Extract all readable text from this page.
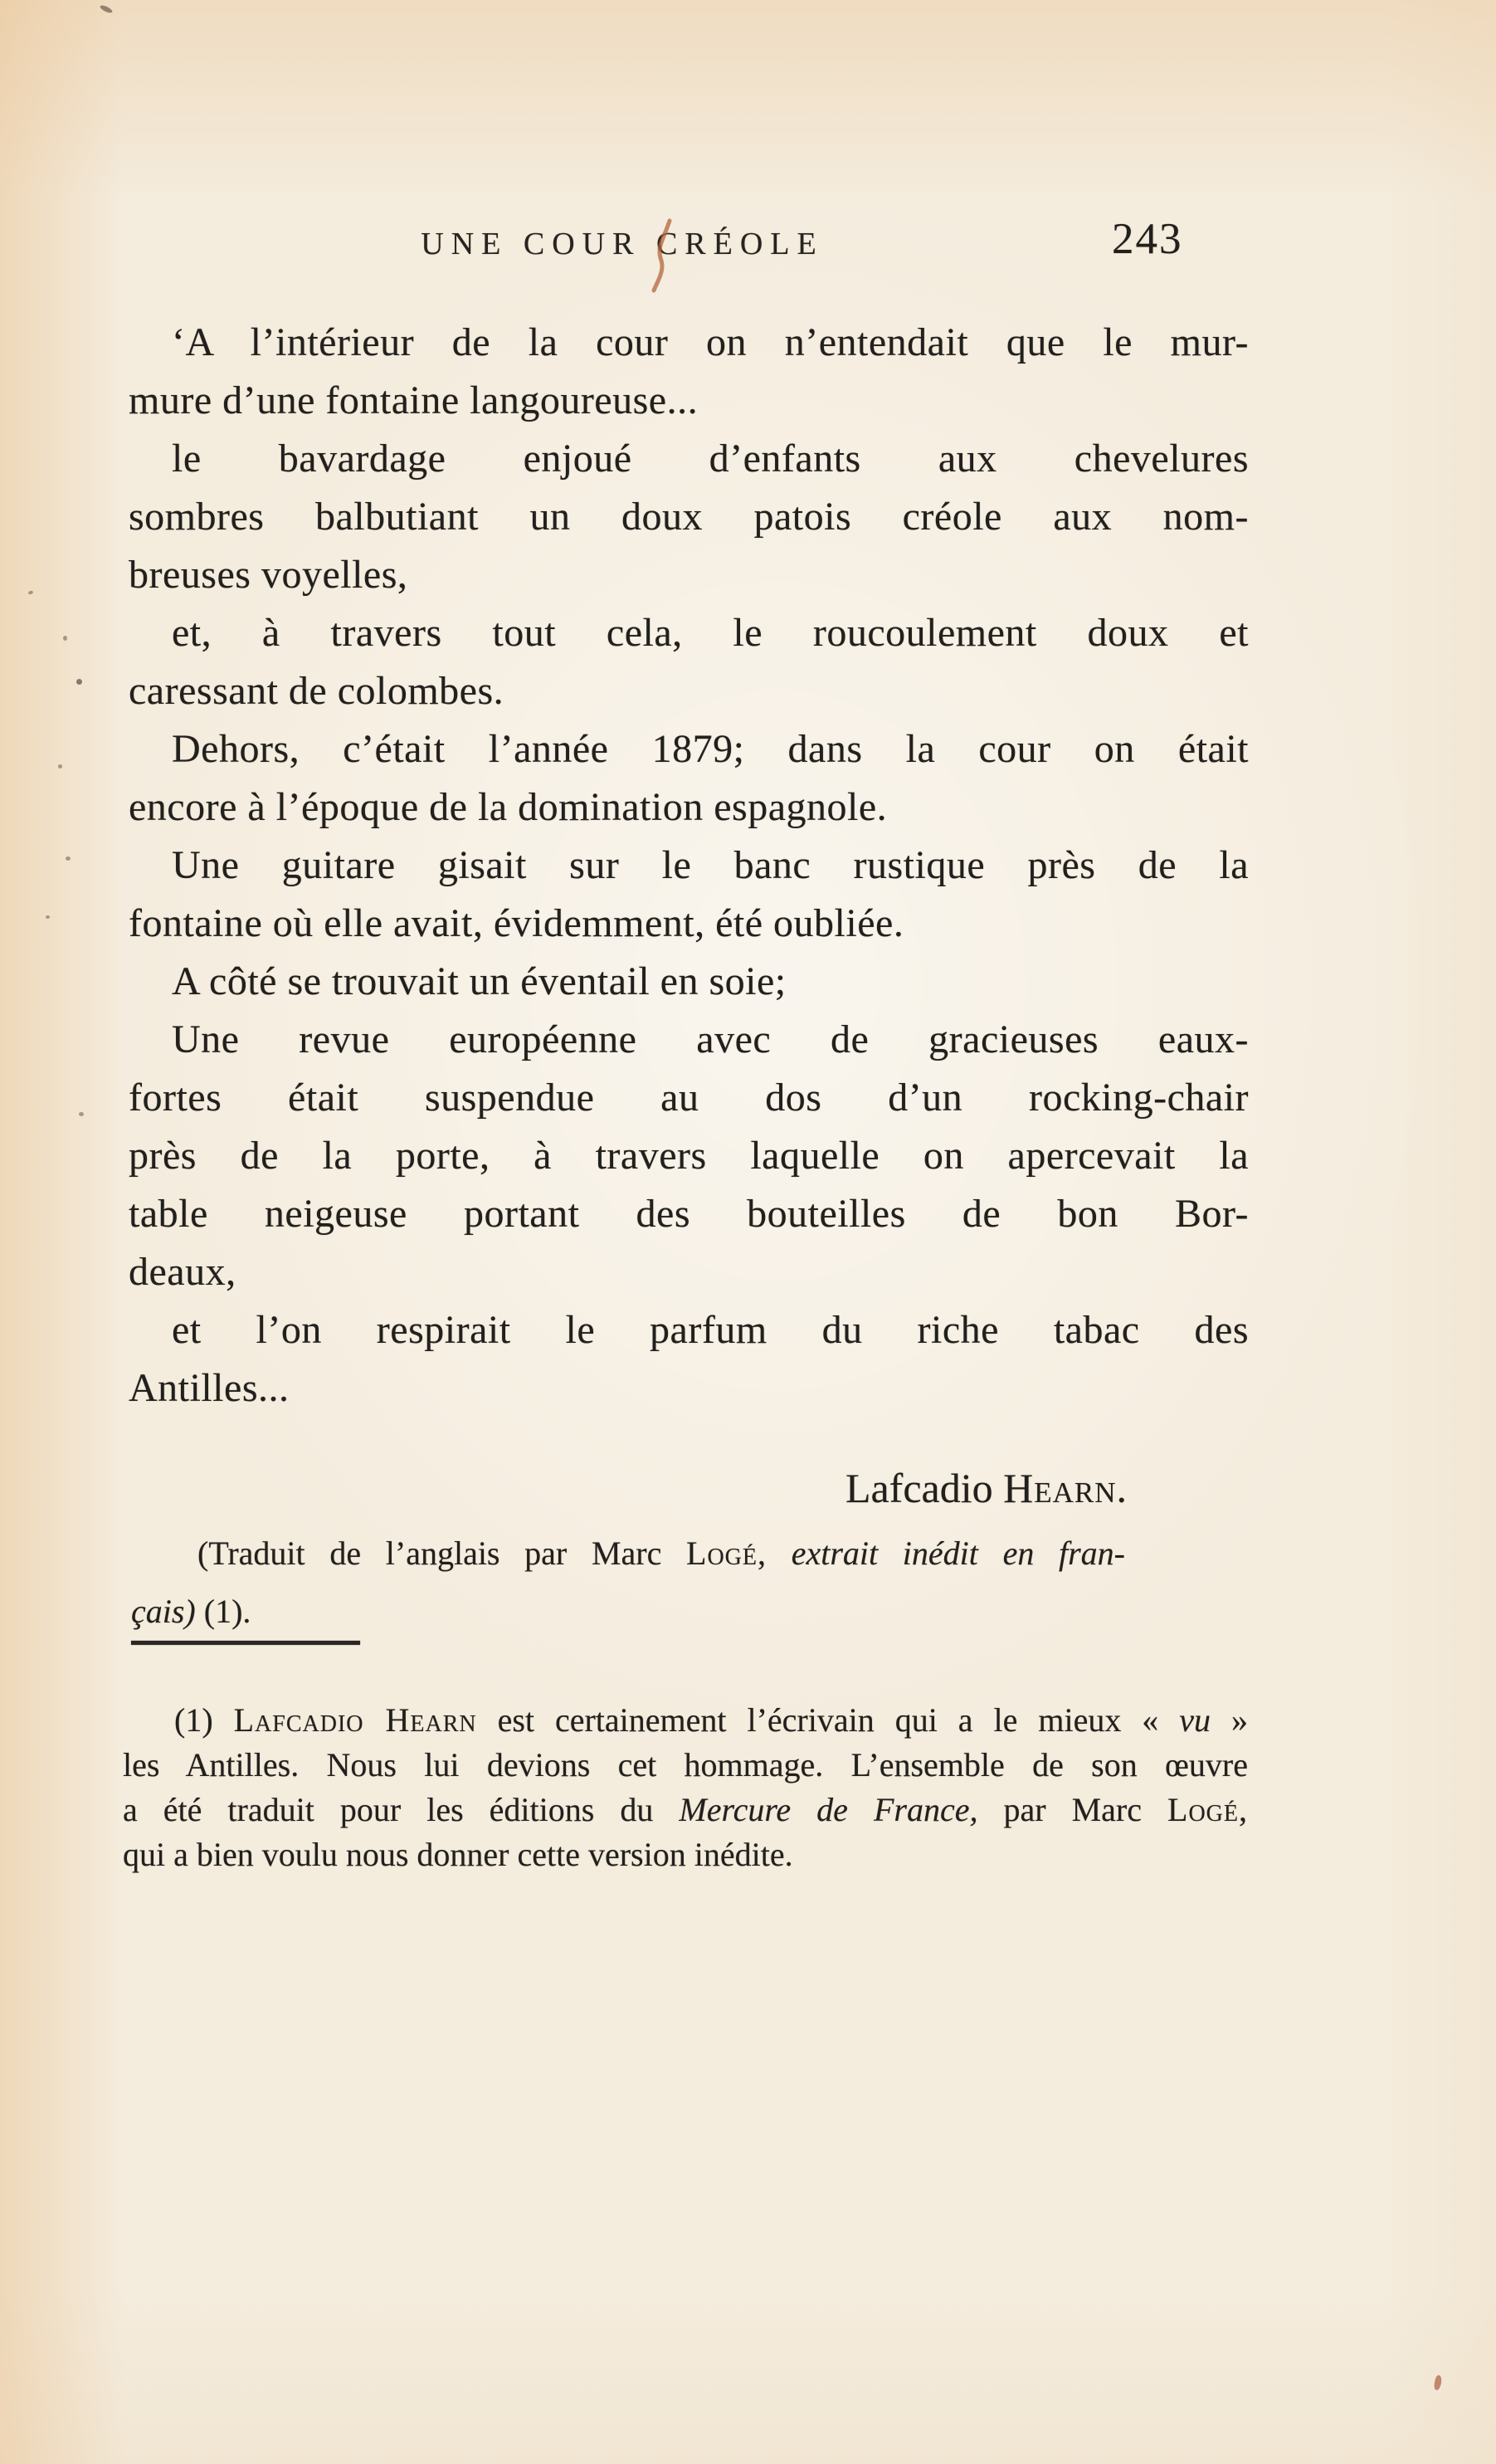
UNE COUR CRÉOLE	243
‘A l’intérieur de la cour on n’entendait que le mur-
mure d’une fontaine langoureuse...
le bavardage enjoué d’enfants aux chevelures
sombres balbutiant un doux patois créole aux nom-
breuses voyelles,
et, à travers tout cela, le roucoulement doux et
caressant de colombes.
Dehors, c’était l’année 1879; dans la cour on était
encore à l’époque de la domination espagnole.
Une guitare gisait sur le banc rustique près de la
fontaine où elle avait, évidemment, été oubliée.
A côté se trouvait un éventail en soie;
Une revue européenne avec de gracieuses eaux-
fortes était suspendue au dos d’un rocking-chair
près de la porte, à travers laquelle on apercevait la
table neigeuse portant des bouteilles de bon Bor-
deaux,
et l’on respirait le parfum du riche tabac des
Antilles...
Lafcadio Hearn.
(Traduit de l’anglais par Marc Logé, extrait inédit en fran-
çais) (1).
(1) Lafcadio Hearn est certainement l’écrivain qui a le mieux « vu »
les Antilles. Nous lui devions cet hommage. L’ensemble de son œuvre
a été traduit pour les éditions du Mercure de France, par Marc Logé,
qui a bien voulu nous donner cette version inédite.
